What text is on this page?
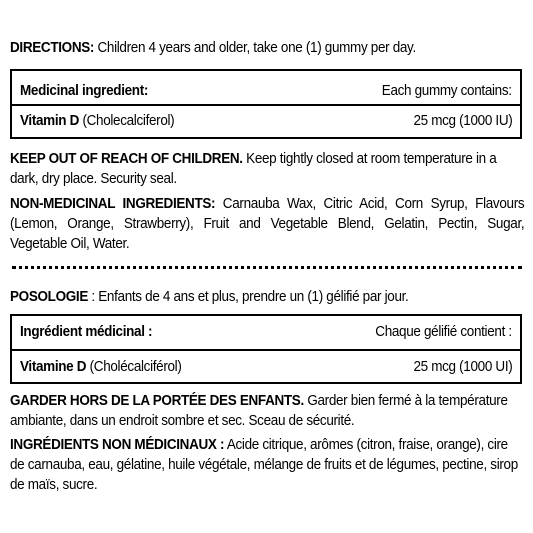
DIRECTIONS: Children 4 years and older, take one (1) gummy per day.
Medicinal ingredient:	Each gummy contains:
Vitamin D (Cholecalciferol)	25 mcg (1000 IU)
KEEP OUT OF REACH OF CHILDREN. Keep tightly closed at room temperature in a dark, dry place. Security seal.
NON-MEDICINAL INGREDIENTS: Carnauba Wax, Citric Acid, Corn Syrup, Flavours (Lemon, Orange, Strawberry), Fruit and Vegetable Blend, Gelatin, Pectin, Sugar, Vegetable Oil, Water.
POSOLOGIE : Enfants de 4 ans et plus, prendre un (1) gélifié par jour.
Ingrédient médicinal :	Chaque gélifié contient :
Vitamine D (Cholécalciférol)	25 mcg (1000 UI)
GARDER HORS DE LA PORTÉE DES ENFANTS. Garder bien fermé à la température ambiante, dans un endroit sombre et sec. Sceau de sécurité.
INGRÉDIENTS NON MÉDICINAUX : Acide citrique, arômes (citron, fraise, orange), cire de carnauba, eau, gélatine, huile végétale, mélange de fruits et de légumes, pectine, sirop de maïs, sucre.
